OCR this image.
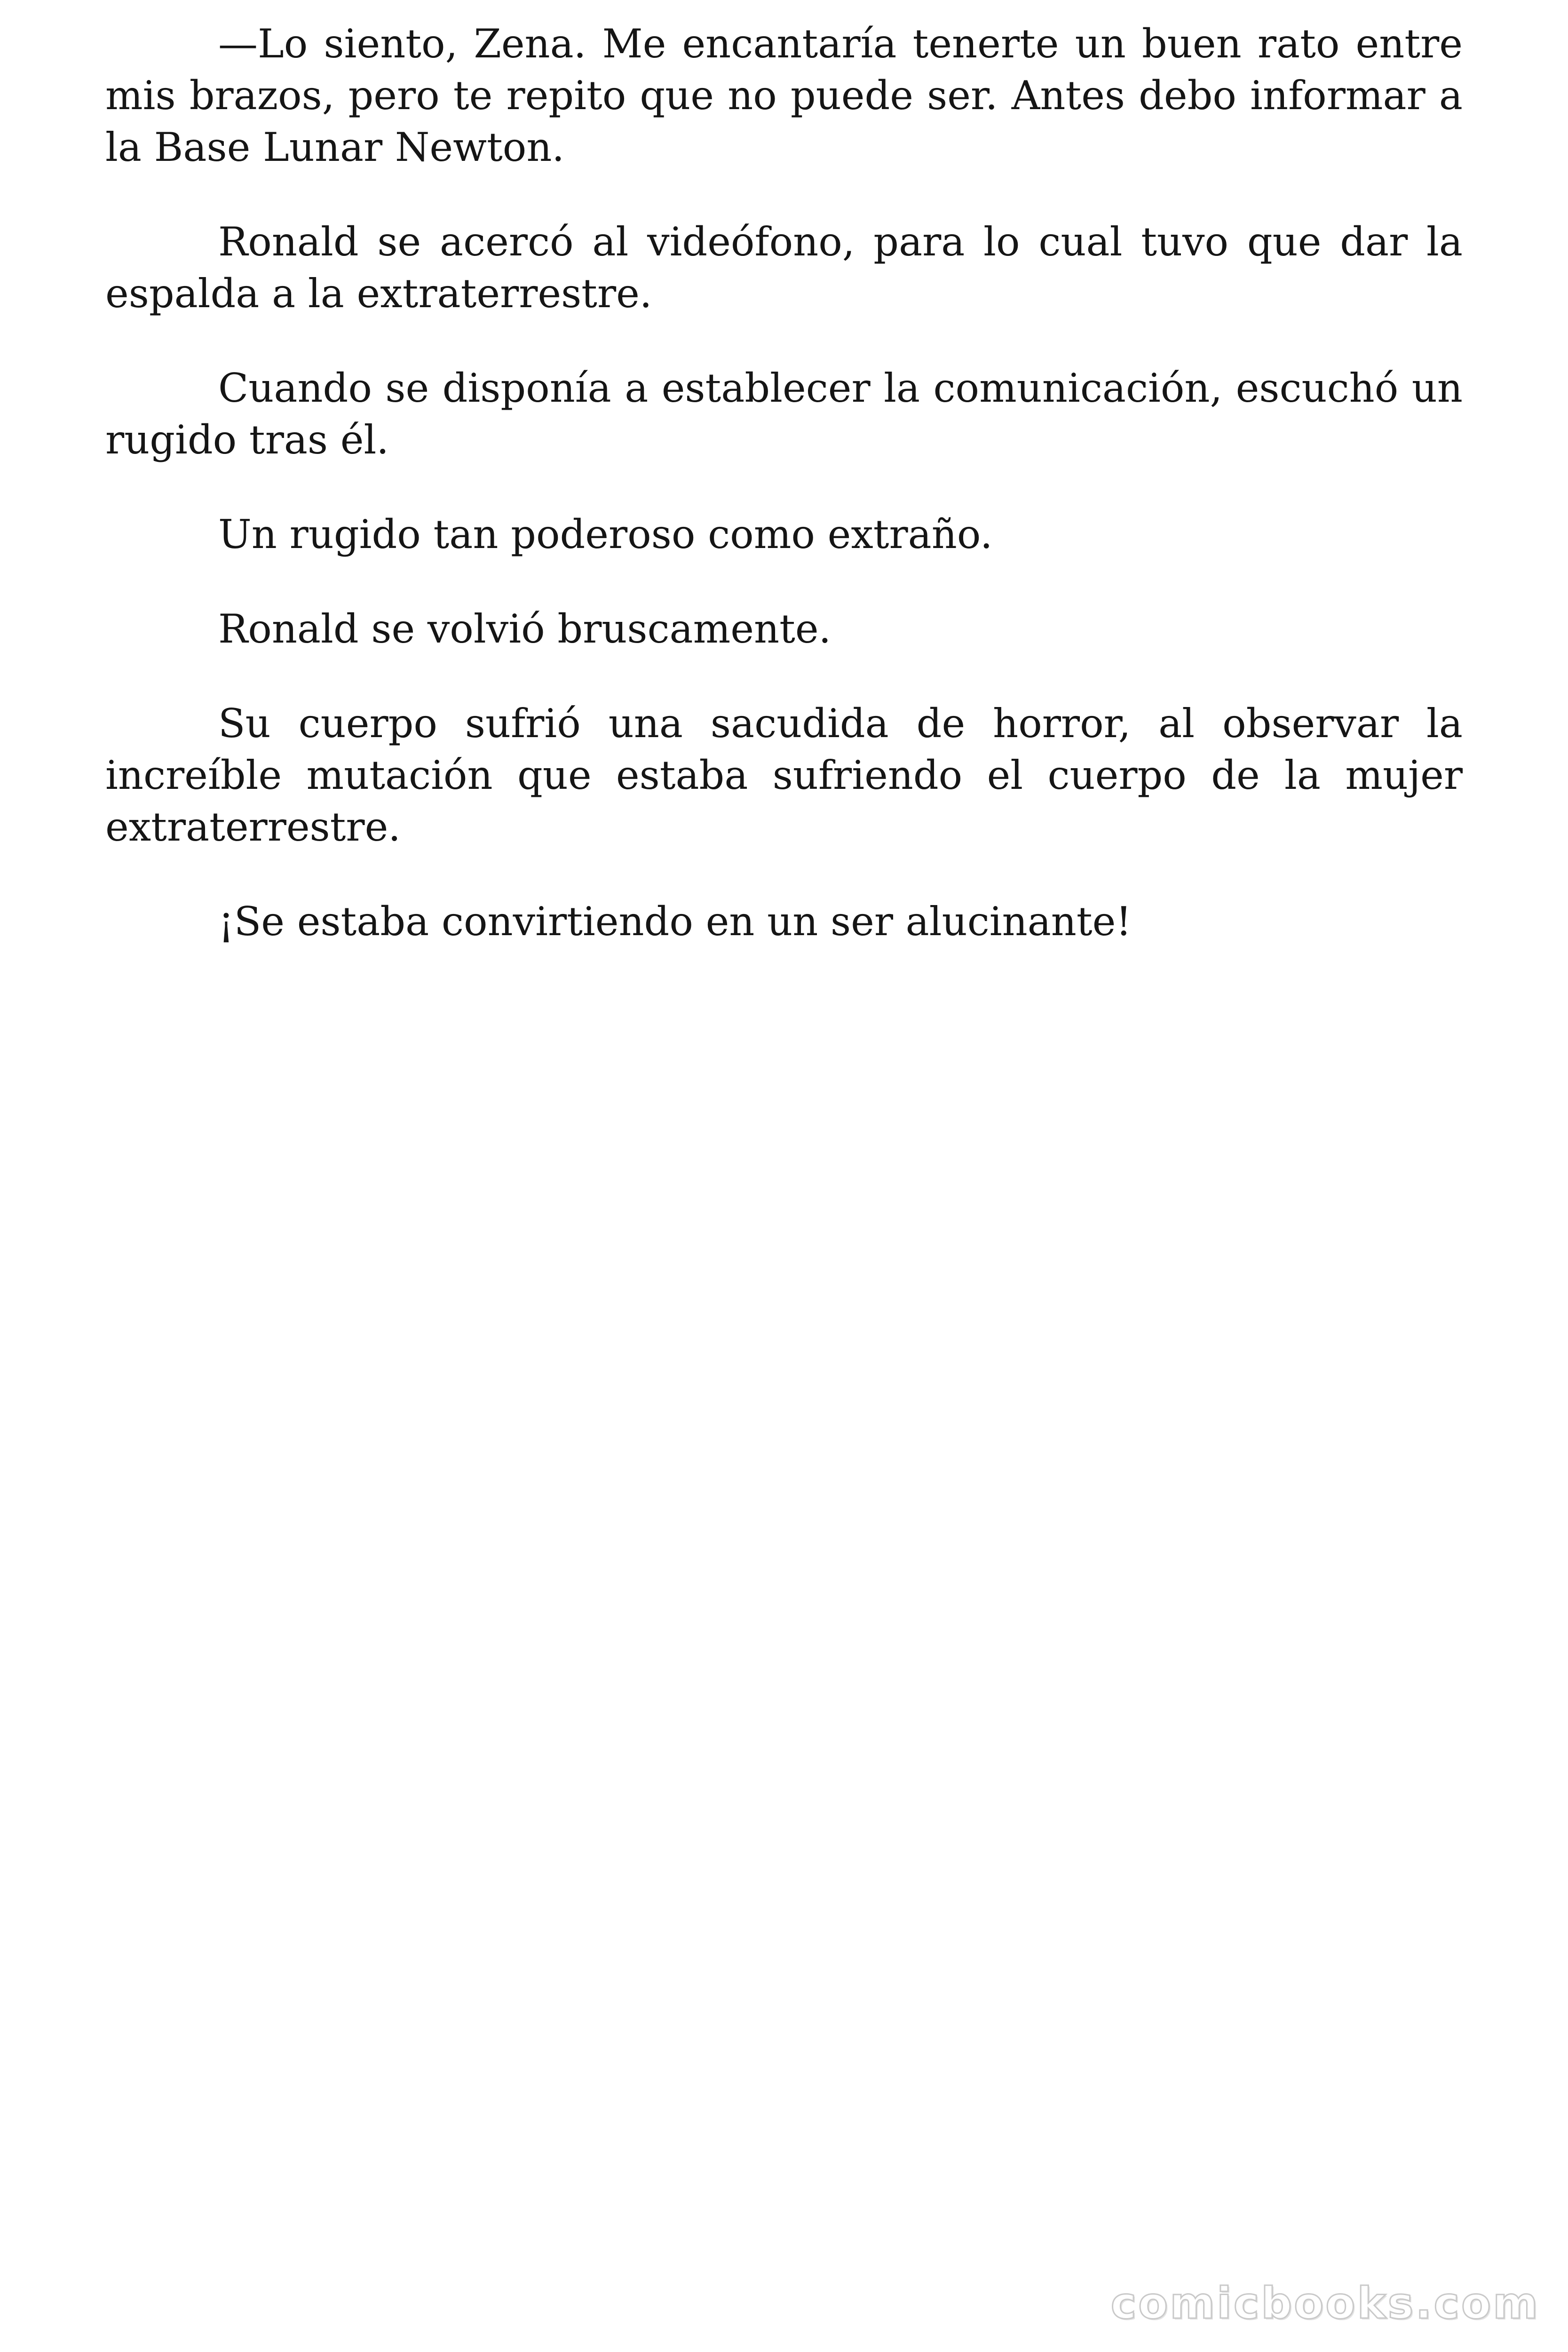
—Lo siento, Zena. Me encantaría tenerte un buen rato entre mis brazos, pero te repito que no puede ser. Antes debo informar a la Base Lunar Newton.

Ronald se acercó al videófono, para lo cual tuvo que dar la espalda a la extraterrestre.

Cuando se disponía a establecer la comunicación, escuchó un rugido tras él.

Un rugido tan poderoso como extraño.

Ronald se volvió bruscamente.

Su cuerpo sufrió una sacudida de horror, al observar la increíble mutación que estaba sufriendo el cuerpo de la mujer extraterrestre.

¡Se estaba convirtiendo en un ser alucinante!

comicbooks.com
